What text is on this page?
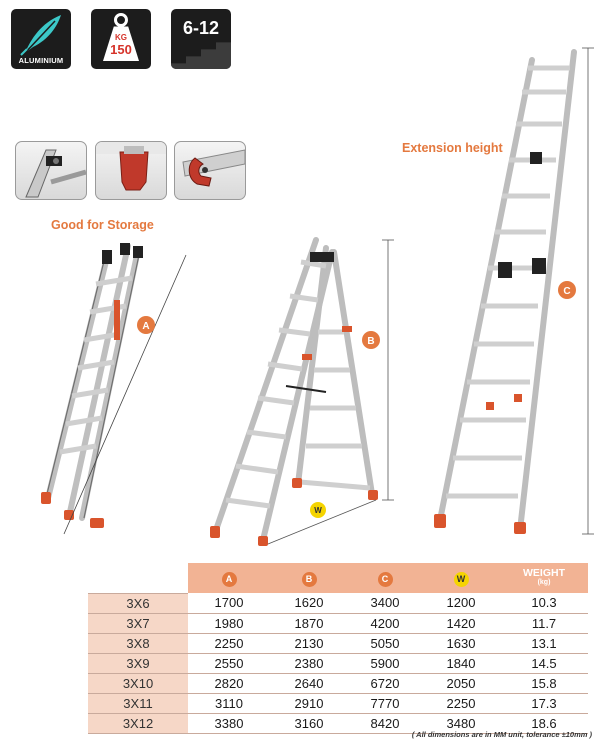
ALUMINIUM
KG
150
6-12
Good for Storage
Extension height
A
B
C
W
	A	B	C	W	WEIGHT
(kg)

3X6	1700	1620	3400	1200	10.3
3X7	1980	1870	4200	1420	11.7
3X8	2250	2130	5050	1630	13.1
3X9	2550	2380	5900	1840	14.5
3X10	2820	2640	6720	2050	15.8
3X11	3110	2910	7770	2250	17.3
3X12	3380	3160	8420	3480	18.6
( All dimensions are in MM unit, tolerance ±10mm )
